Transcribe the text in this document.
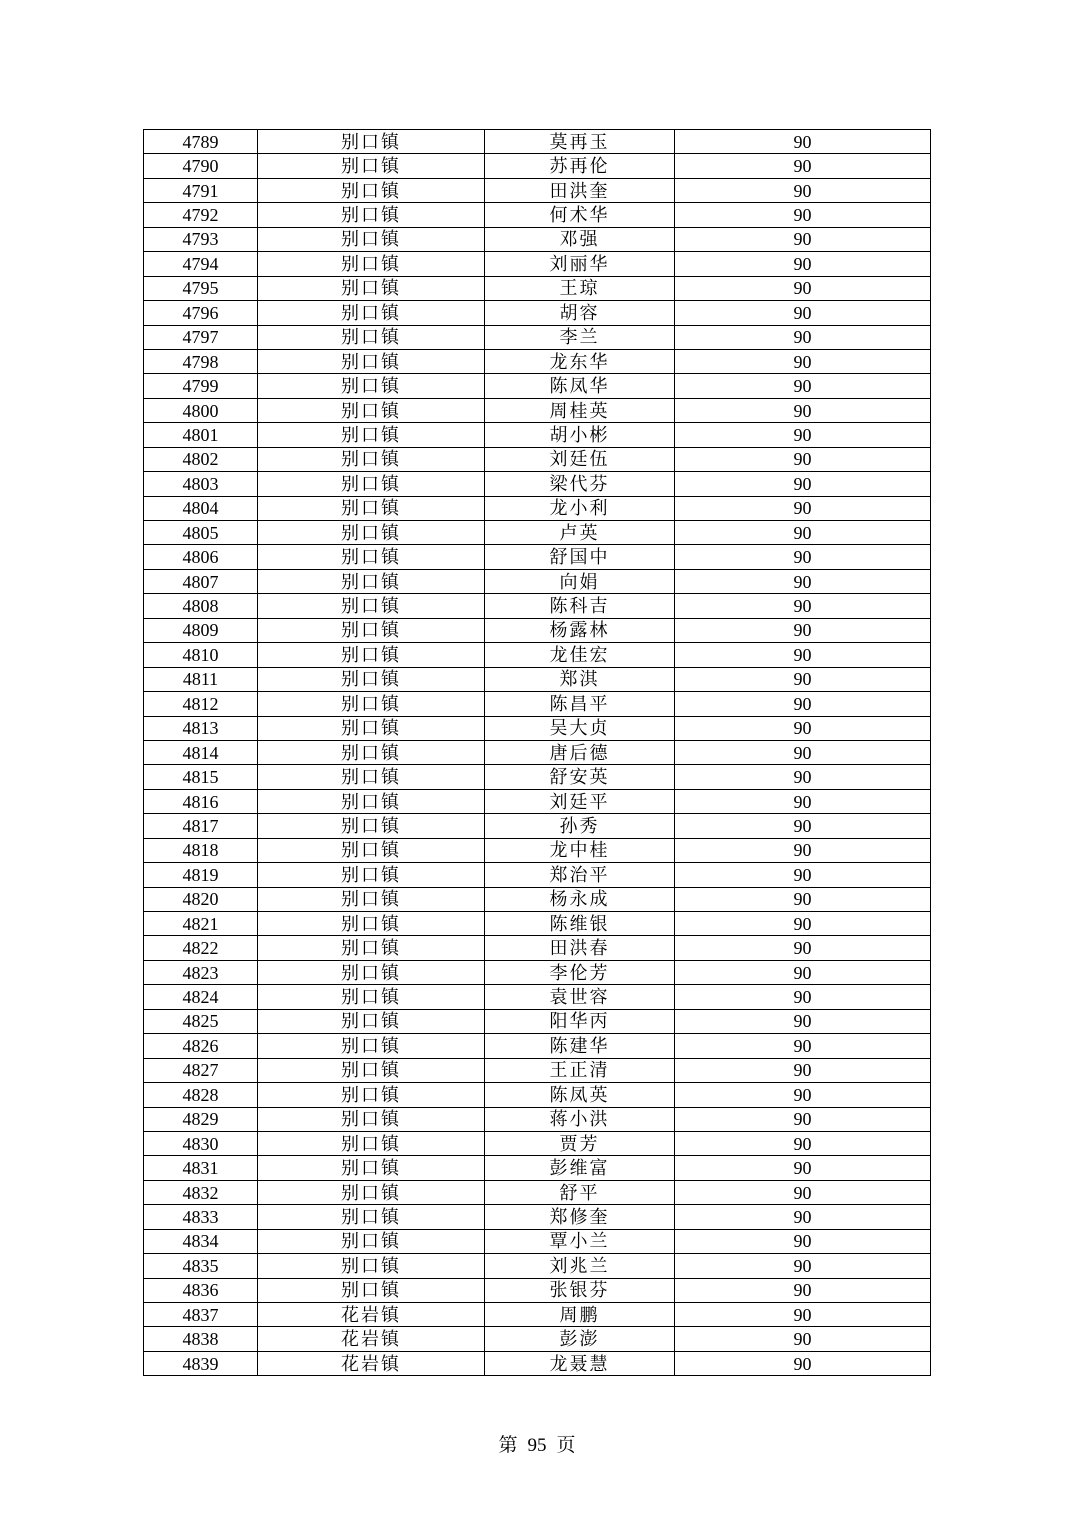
4789	别口镇	莫再玉	90
4790	别口镇	苏再伦	90
4791	别口镇	田洪奎	90
4792	别口镇	何术华	90
4793	别口镇	邓强	90
4794	别口镇	刘丽华	90
4795	别口镇	王琼	90
4796	别口镇	胡容	90
4797	别口镇	李兰	90
4798	别口镇	龙东华	90
4799	别口镇	陈凤华	90
4800	别口镇	周桂英	90
4801	别口镇	胡小彬	90
4802	别口镇	刘廷伍	90
4803	别口镇	梁代芬	90
4804	别口镇	龙小利	90
4805	别口镇	卢英	90
4806	别口镇	舒国中	90
4807	别口镇	向娟	90
4808	别口镇	陈科吉	90
4809	别口镇	杨露林	90
4810	别口镇	龙佳宏	90
4811	别口镇	郑淇	90
4812	别口镇	陈昌平	90
4813	别口镇	吴大贞	90
4814	别口镇	唐后德	90
4815	别口镇	舒安英	90
4816	别口镇	刘廷平	90
4817	别口镇	孙秀	90
4818	别口镇	龙中桂	90
4819	别口镇	郑治平	90
4820	别口镇	杨永成	90
4821	别口镇	陈维银	90
4822	别口镇	田洪春	90
4823	别口镇	李伦芳	90
4824	别口镇	袁世容	90
4825	别口镇	阳华丙	90
4826	别口镇	陈建华	90
4827	别口镇	王正清	90
4828	别口镇	陈凤英	90
4829	别口镇	蒋小洪	90
4830	别口镇	贾芳	90
4831	别口镇	彭维富	90
4832	别口镇	舒平	90
4833	别口镇	郑修奎	90
4834	别口镇	覃小兰	90
4835	别口镇	刘兆兰	90
4836	别口镇	张银芬	90
4837	花岩镇	周鹏	90
4838	花岩镇	彭澎	90
4839	花岩镇	龙聂慧	90
第 95 页
